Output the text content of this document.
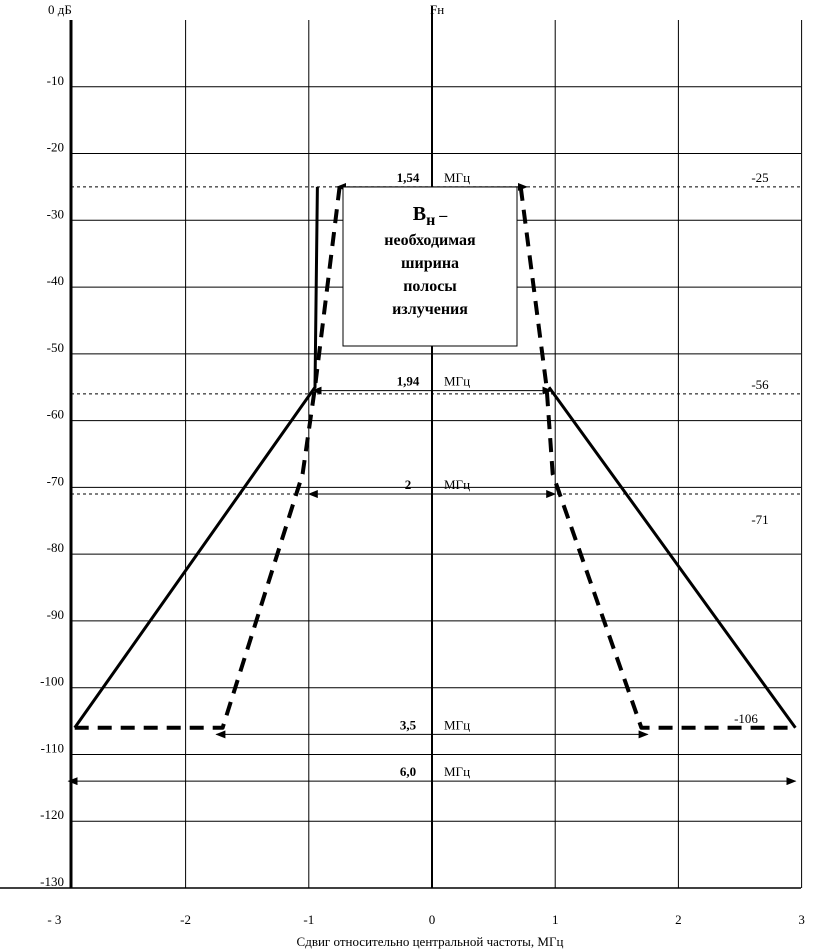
Bн –
необходимая
ширина
полосы
излучения
0 дБ	Fн
Сдвиг относительно центральной частоты, МГц
- 3	-2	-1	0	1	2	3
-10
-20
-30
-40
-50
-60
-70
-80
-90
-100
-110
-120
-130
-25
-56
-71
-106
1,54 МГц
1,94 МГц
2	МГц
3,5 МГц
6,0 МГц
